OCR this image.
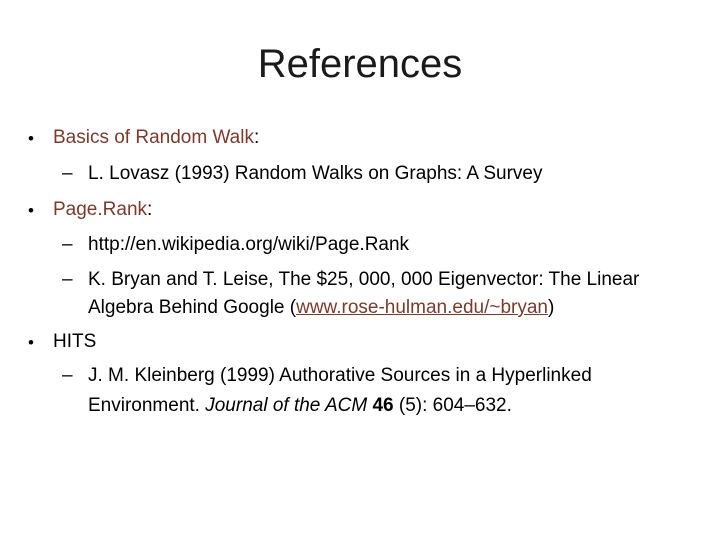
References
• Basics of Random Walk:
– L. Lovasz (1993) Random Walks on Graphs: A Survey
• Page.Rank:
– http://en.wikipedia.org/wiki/Page.Rank
– K. Bryan and T. Leise, The $25, 000, 000 Eigenvector: The Linear
Algebra Behind Google (www.rose-hulman.edu/~bryan)
• HITS
– J. M. Kleinberg (1999) Authorative Sources in a Hyperlinked
Environment. Journal of the ACM 46 (5): 604–632.
